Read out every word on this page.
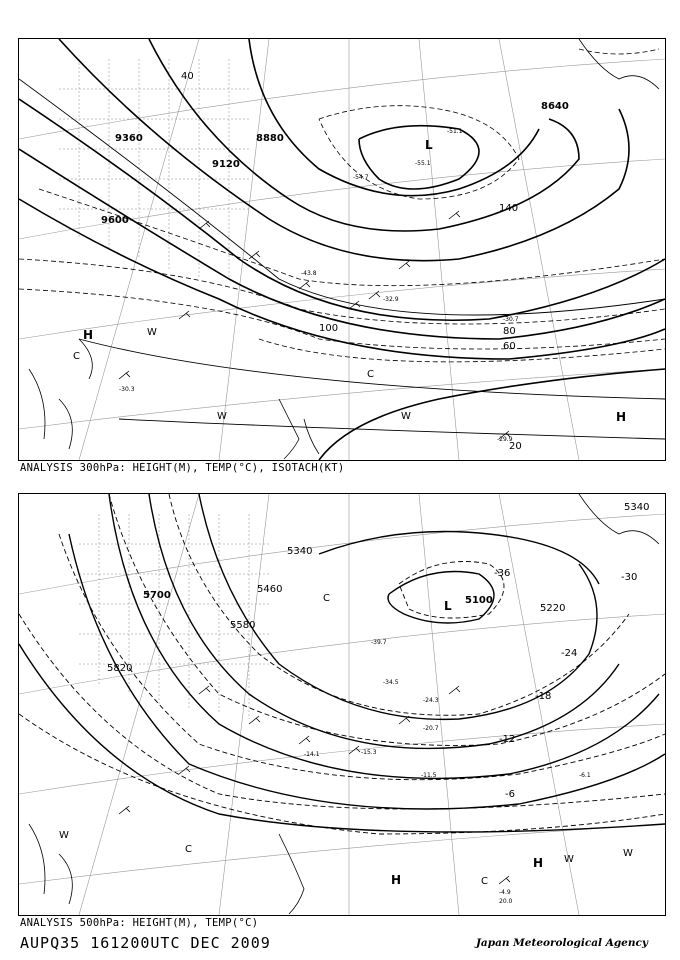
9360
9120
8880
9600
8640
20
40
60
80
100
140
L
H
H
C
W
C
W
W
-29.9
-30.7
-32.9
-43.8
-55.1
-54.7
-51.1
-30.3
ANALYSIS 300hPa: HEIGHT(M), TEMP(°C), ISOTACH(KT)
5340
5460
5580
5700
5820
5100
5220
5340
-36	-30
-24
-18
-12
-6
L
H
H
C
C
C
W
W
W
-39.7
-34.5
-24.3
-20.7
-15.3
-14.1
-11.5	-6.1
-4.9
20.0
ANALYSIS 500hPa: HEIGHT(M), TEMP(°C)
AUPQ35 161200UTC DEC 2009	Japan Meteorological Agency
